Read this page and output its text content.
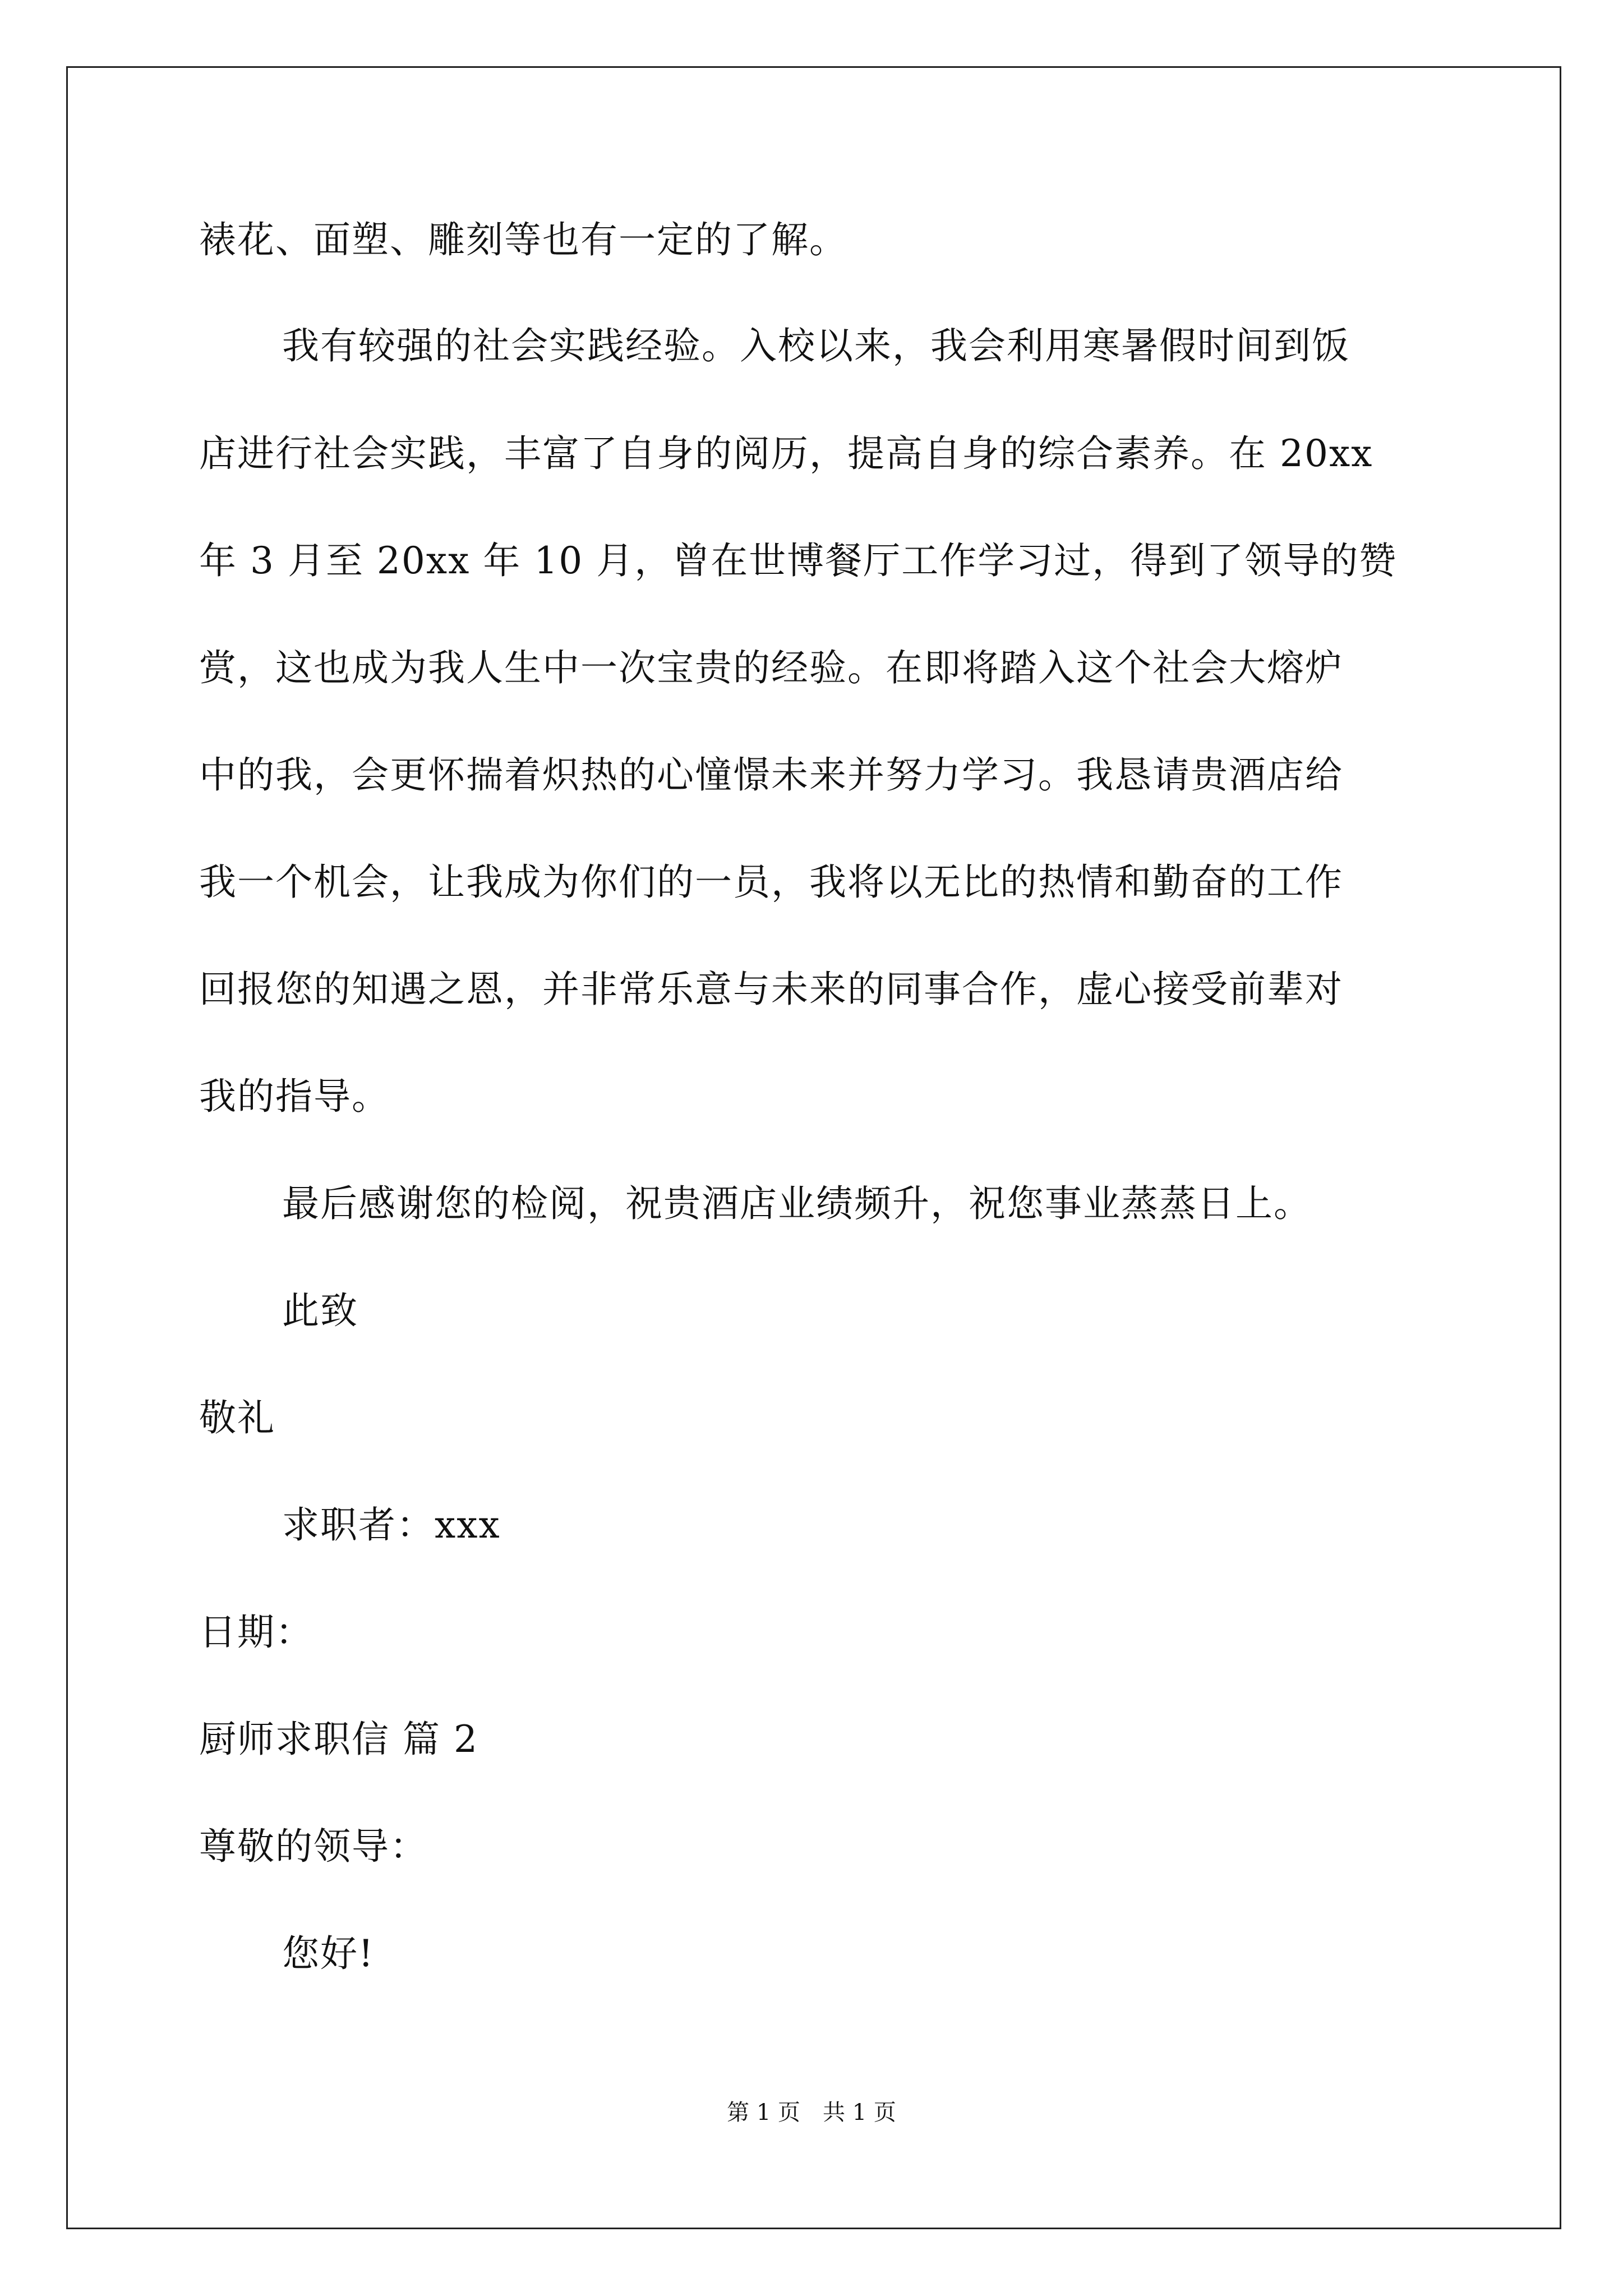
裱花、面塑、雕刻等也有一定的了解。
我有较强的社会实践经验。入校以来，我会利用寒暑假时间到饭
店进行社会实践，丰富了自身的阅历，提高自身的综合素养。在 20xx
年 3 月至 20xx 年 10 月，曾在世博餐厅工作学习过，得到了领导的赞
赏，这也成为我人生中一次宝贵的经验。在即将踏入这个社会大熔炉
中的我，会更怀揣着炽热的心憧憬未来并努力学习。我恳请贵酒店给
我一个机会，让我成为你们的一员，我将以无比的热情和勤奋的工作
回报您的知遇之恩，并非常乐意与未来的同事合作，虚心接受前辈对
我的指导。
最后感谢您的检阅，祝贵酒店业绩频升，祝您事业蒸蒸日上。
此致
敬礼
求职者：xxx
日期：
厨师求职信 篇 2
尊敬的领导：
您好!
第 1 页　共 1 页
